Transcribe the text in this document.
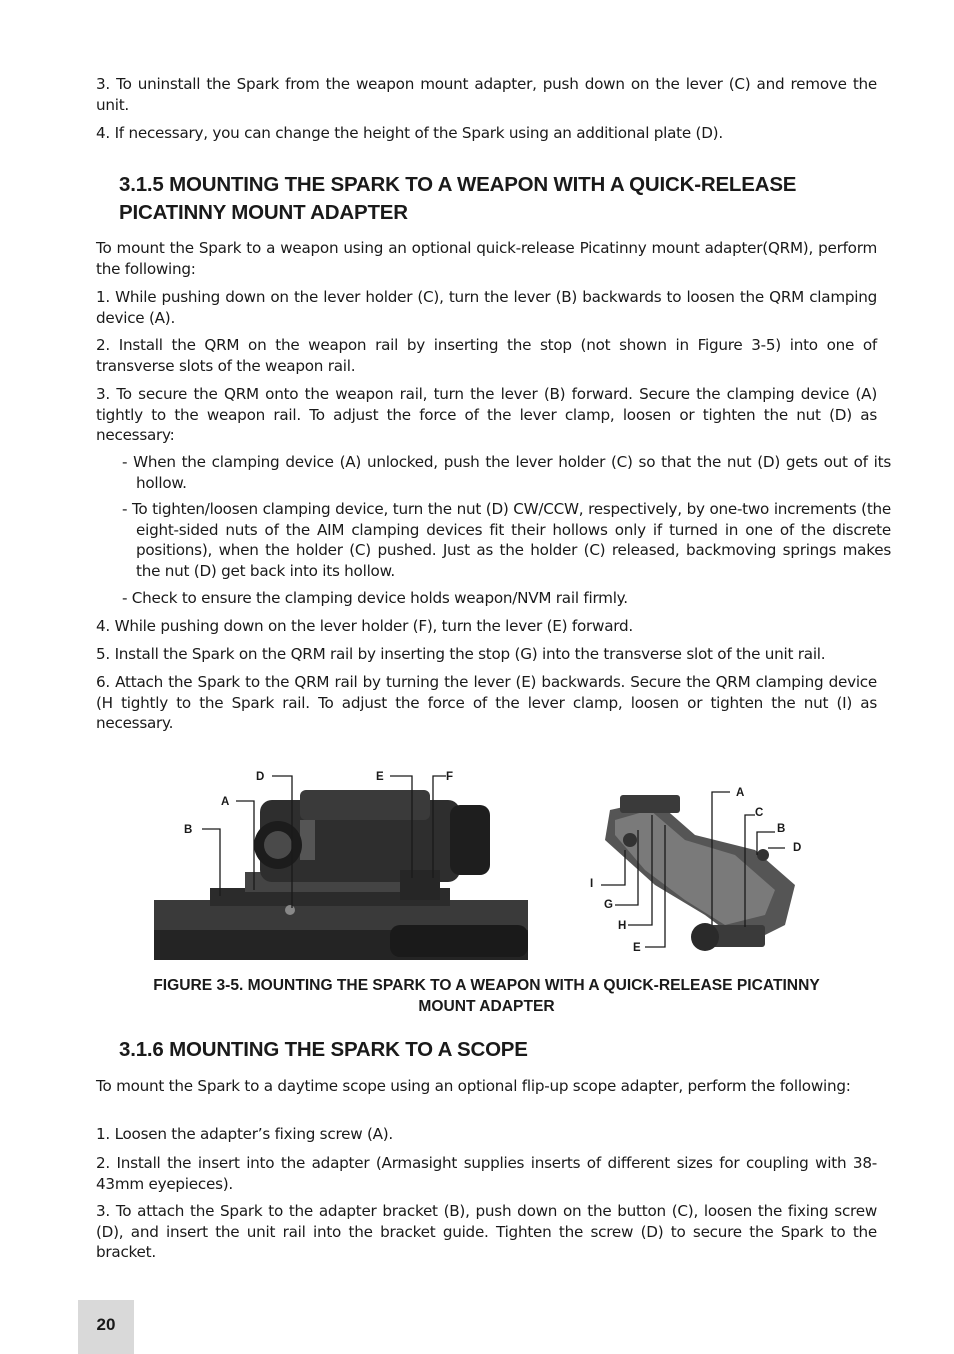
3. To uninstall the Spark from the weapon mount adapter, push down on the lever (C) and remove the unit.

4. If necessary, you can change the height of the Spark using an additional plate (D).

3.1.5 MOUNTING THE SPARK TO A WEAPON WITH A QUICK-RELEASE
PICATINNY MOUNT ADAPTER

To mount the Spark to a weapon using an optional quick-release Picatinny mount adapter(QRM), perform the following:

1. While pushing down on the lever holder (C), turn the lever (B) backwards to loosen the QRM clamping device (A).

2. Install the QRM on the weapon rail by inserting the stop (not shown in Figure 3-5) into one of transverse slots of the weapon rail.

3. To secure the QRM onto the weapon rail, turn the lever (B) forward. Secure the clamping device (A) tightly to the weapon rail. To adjust the force of the lever clamp, loosen or tighten the nut (D) as necessary:

- When the clamping device (A) unlocked, push the lever holder (C) so that the nut (D) gets out of its hollow.

- To tighten/loosen clamping device, turn the nut (D) CW/CCW, respectively, by one-two increments (the eight-sided nuts of the AIM clamping devices fit their hollows only if turned in one of the discrete positions), when the holder (C) pushed. Just as the holder (C) released, backmoving springs makes the nut (D) get back into its hollow.

- Check to ensure the clamping device holds weapon/NVM rail firmly.

4. While pushing down on the lever holder (F), turn the lever (E) forward.

5. Install the Spark on the QRM rail by inserting the stop (G) into the transverse slot of the unit rail.

6. Attach the Spark to the QRM rail by turning the lever (E) backwards. Secure the QRM clamping device (H tightly to the Spark rail. To adjust the force of the lever clamp, loosen or tighten the nut (I) as necessary.

D	E	F
A
B
A
C
B
D
I
G
H
E

FIGURE 3-5. MOUNTING THE SPARK TO A WEAPON WITH A QUICK-RELEASE PICATINNY
MOUNT ADAPTER

3.1.6 MOUNTING THE SPARK TO A SCOPE

To mount the Spark to a daytime scope using an optional flip-up scope adapter, perform the following:

1. Loosen the adapter’s fixing screw (A).

2. Install the insert into the adapter (Armasight supplies inserts of different sizes for coupling with 38-43mm eyepieces).

3. To attach the Spark to the adapter bracket (B), push down on the button (C), loosen the fixing screw (D), and insert the unit rail into the bracket guide. Tighten the screw (D) to secure the Spark to the bracket.

20
